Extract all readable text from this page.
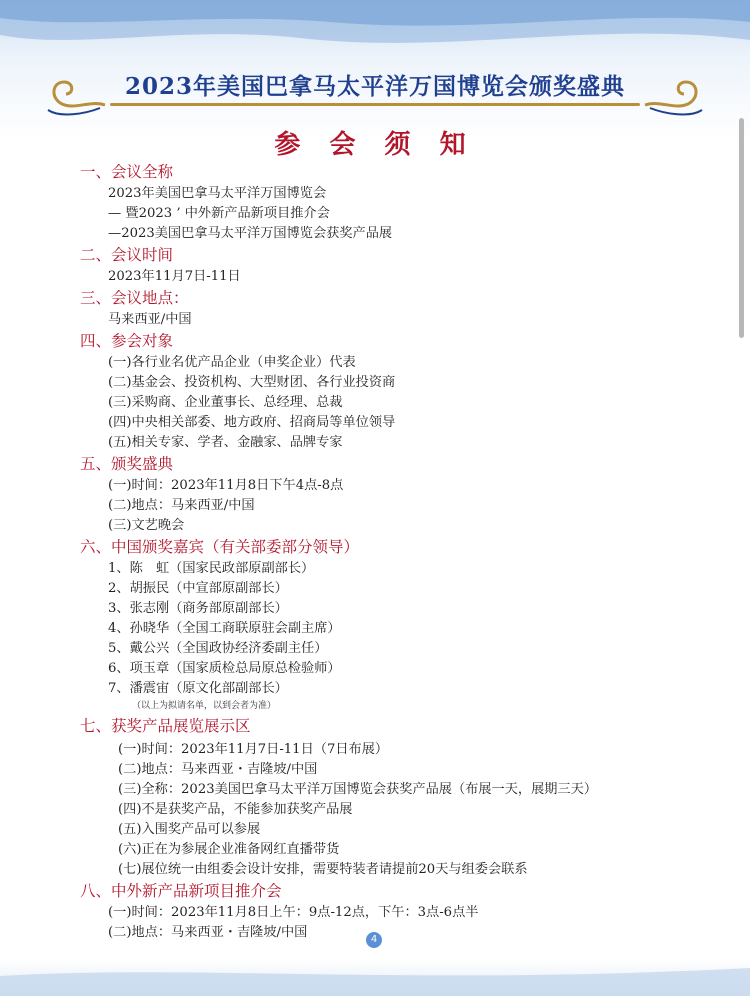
2023年美国巴拿马太平洋万国博览会颁奖盛典
参 会 须 知
一、会议全称
2023年美国巴拿马太平洋万国博览会
— 暨2023 ’ 中外新产品新项目推介会
—2023美国巴拿马太平洋万国博览会获奖产品展
二、会议时间
2023年11月7日-11日
三、会议地点：
马来西亚/中国
四、参会对象
(一)各行业名优产品企业（申奖企业）代表
(二)基金会、投资机构、大型财团、各行业投资商
(三)采购商、企业董事长、总经理、总裁
(四)中央相关部委、地方政府、招商局等单位领导
(五)相关专家、学者、金融家、品牌专家
五、颁奖盛典
(一)时间：2023年11月8日下午4点-8点
(二)地点：马来西亚/中国
(三)文艺晚会
六、中国颁奖嘉宾（有关部委部分领导）
1、陈　虹（国家民政部原副部长）
2、胡振民（中宣部原副部长）
3、张志刚（商务部原副部长）
4、孙晓华（全国工商联原驻会副主席）
5、戴公兴（全国政协经济委副主任）
6、项玉章（国家质检总局原总检验师）
7、潘震宙（原文化部副部长）
（以上为拟请名单，以到会者为准）
七、获奖产品展览展示区
(一)时间：2023年11月7日-11日（7日布展）
(二)地点：马来西亚・吉隆坡/中国
(三)全称：2023美国巴拿马太平洋万国博览会获奖产品展（布展一天，展期三天）
(四)不是获奖产品，不能参加获奖产品展
(五)入围奖产品可以参展
(六)正在为参展企业准备网红直播带货
(七)展位统一由组委会设计安排，需要特装者请提前20天与组委会联系
八、中外新产品新项目推介会
(一)时间：2023年11月8日上午：9点-12点，下午：3点-6点半
(二)地点：马来西亚・吉隆坡/中国	4
